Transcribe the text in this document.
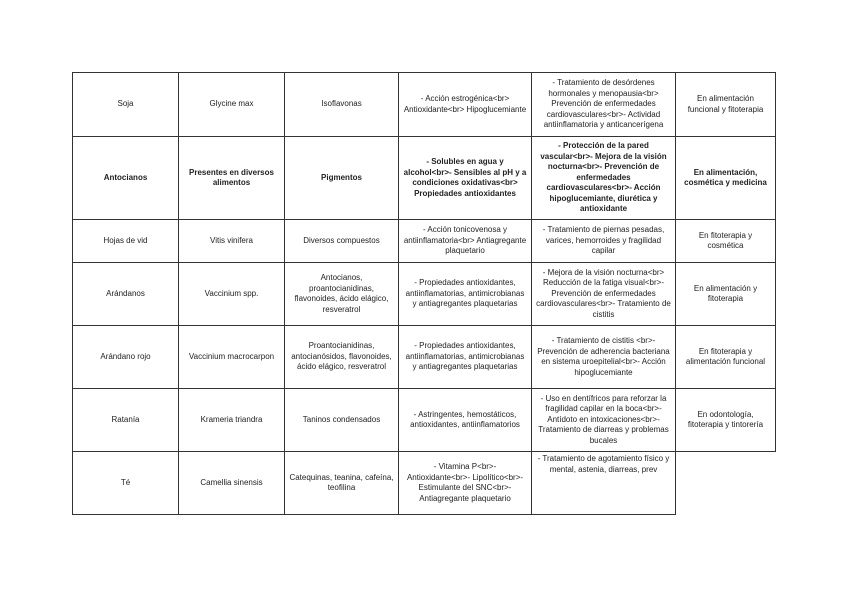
Soja	Glycine max	Isoflavonas	- Acción estrogénica<br> Antioxidante<br> Hipoglucemiante	- Tratamiento de desórdenes hormonales y menopausia<br> Prevención de enfermedades cardiovasculares<br>- Actividad antiinflamatoria y anticancerígena	En alimentación funcional y fitoterapia
Antocianos	Presentes en diversos alimentos	Pigmentos	- Solubles en agua y alcohol<br>- Sensibles al pH y a condiciones oxidativas<br> Propiedades antioxidantes	- Protección de la pared vascular<br>- Mejora de la visión nocturna<br>- Prevención de enfermedades cardiovasculares<br>- Acción hipoglucemiante, diurética y antioxidante	En alimentación, cosmética y medicina
Hojas de vid	Vitis vinifera	Diversos compuestos	- Acción tonicovenosa y antiinflamatoria<br> Antiagregante plaquetario	- Tratamiento de piernas pesadas, varices, hemorroides y fragilidad capilar	En fitoterapia y cosmética
Arándanos	Vaccinium spp.	Antocianos, proantocianidinas, flavonoides, ácido elágico, resveratrol	- Propiedades antioxidantes, antiinflamatorias, antimicrobianas y antiagregantes plaquetarias	- Mejora de la visión nocturna<br> Reducción de la fatiga visual<br>- Prevención de enfermedades cardiovasculares<br>- Tratamiento de cistitis	En alimentación y fitoterapia
Arándano rojo	Vaccinium macrocarpon	Proantocianidinas, antocianósidos, flavonoides, ácido elágico, resveratrol	- Propiedades antioxidantes, antiinflamatorias, antimicrobianas y antiagregantes plaquetarias	- Tratamiento de cistitis <br>- Prevención de adherencia bacteriana en sistema uroepitelial<br>- Acción hipoglucemiante	En fitoterapia y alimentación funcional
Ratanía	Krameria triandra	Taninos condensados	- Astringentes, hemostáticos, antioxidantes, antiinflamatorios	- Uso en dentífricos para reforzar la fragilidad capilar en la boca<br>- Antídoto en intoxicaciones<br>- Tratamiento de diarreas y problemas bucales	En odontología, fitoterapia y tintorería
Té	Camellia sinensis	Catequinas, teanina, cafeína, teofilina	- Vitamina P<br>- Antioxidante<br>- Lipolítico<br>- Estimulante del SNC<br>- Antiagregante plaquetario	- Tratamiento de agotamiento físico y mental, astenia, diarreas, prev	
